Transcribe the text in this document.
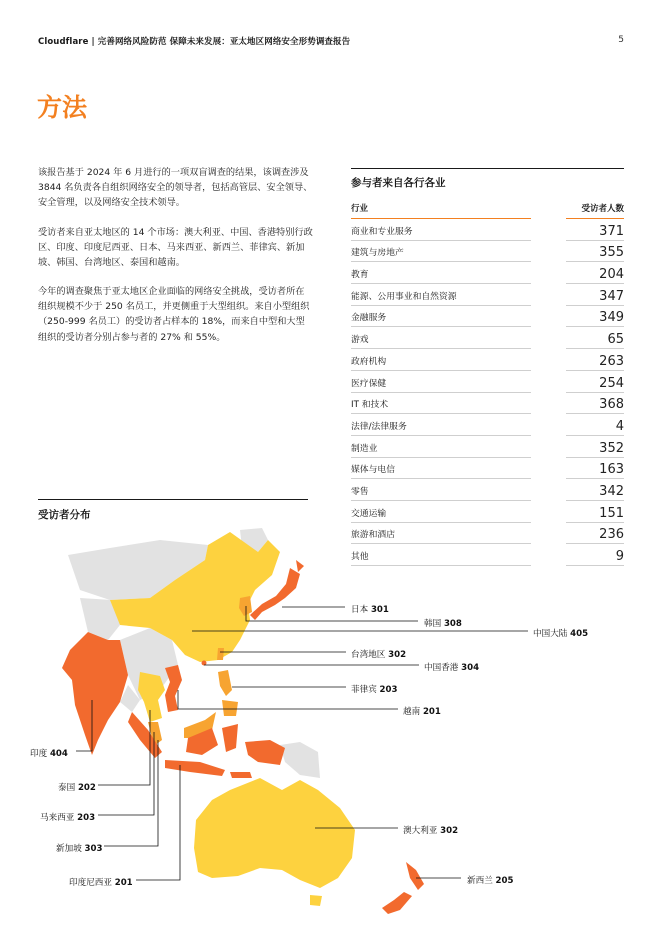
Cloudflare | 完善网络风险防范 保障未来发展：亚太地区网络安全形势调查报告	5
方法

该报告基于 2024 年 6 月进行的一项双盲调查的结果，该调查涉及 3844 名负责各自组织网络安全的领导者，包括高管层、安全领导、安全管理，以及网络安全技术领导。

受访者来自亚太地区的 14 个市场：澳大利亚、中国、香港特别行政区、印度、印度尼西亚、日本、马来西亚、新西兰、菲律宾、新加坡、韩国、台湾地区、泰国和越南。

今年的调查聚焦于亚太地区企业面临的网络安全挑战，受访者所在组织规模不少于 250 名员工，并更侧重于大型组织。来自小型组织（250-999 名员工）的受访者占样本的 18%，而来自中型和大型组织的受访者分别占参与者的 27% 和 55%。

参与者来自各行各业
行业	受访者人数
商业和专业服务	371
建筑与房地产	355
教育	204
能源、公用事业和自然资源	347
金融服务	349
游戏	65
政府机构	263
医疗保健	254
IT 和技术	368
法律/法律服务	4
制造业	352
媒体与电信	163
零售	342
交通运输	151
旅游和酒店	236
其他	9
受访者分布
日本 301
韩国 308
中国大陆 405
台湾地区 302
中国香港 304
菲律宾 203
越南 201
印度 404
泰国 202
马来西亚 203
新加坡 303
印度尼西亚 201
澳大利亚 302
新西兰 205
